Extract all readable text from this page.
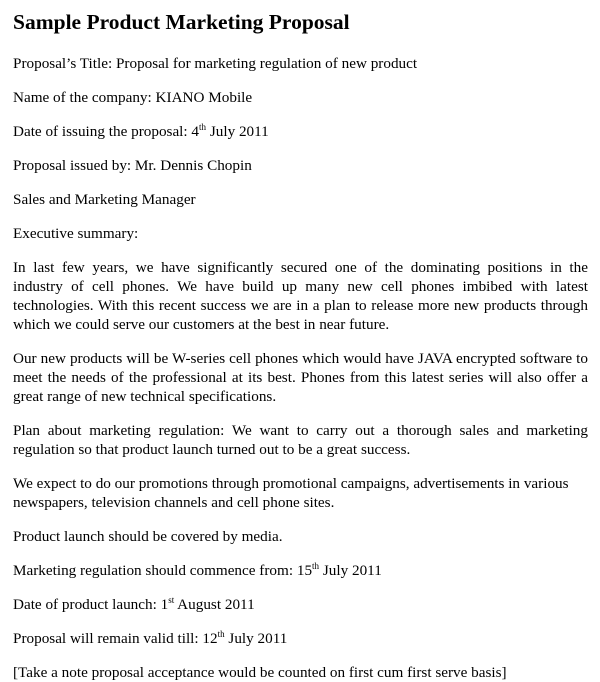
Sample Product Marketing Proposal
Proposal’s Title: Proposal for marketing regulation of new product
Name of the company: KIANO Mobile
Date of issuing the proposal: 4th July 2011
Proposal issued by: Mr. Dennis Chopin
Sales and Marketing Manager
Executive summary:
In last few years, we have significantly secured one of the dominating positions in the industry of cell phones. We have build up many new cell phones imbibed with latest technologies. With this recent success we are in a plan to release more new products through which we could serve our customers at the best in near future.
Our new products will be W-series cell phones which would have JAVA encrypted software to meet the needs of the professional at its best. Phones from this latest series will also offer a great range of new technical specifications.
Plan about marketing regulation: We want to carry out a thorough sales and marketing regulation so that product launch turned out to be a great success.
We expect to do our promotions through promotional campaigns, advertisements in various newspapers, television channels and cell phone sites.
Product launch should be covered by media.
Marketing regulation should commence from: 15th July 2011
Date of product launch: 1st August 2011
Proposal will remain valid till: 12th July 2011
[Take a note proposal acceptance would be counted on first cum first serve basis]
